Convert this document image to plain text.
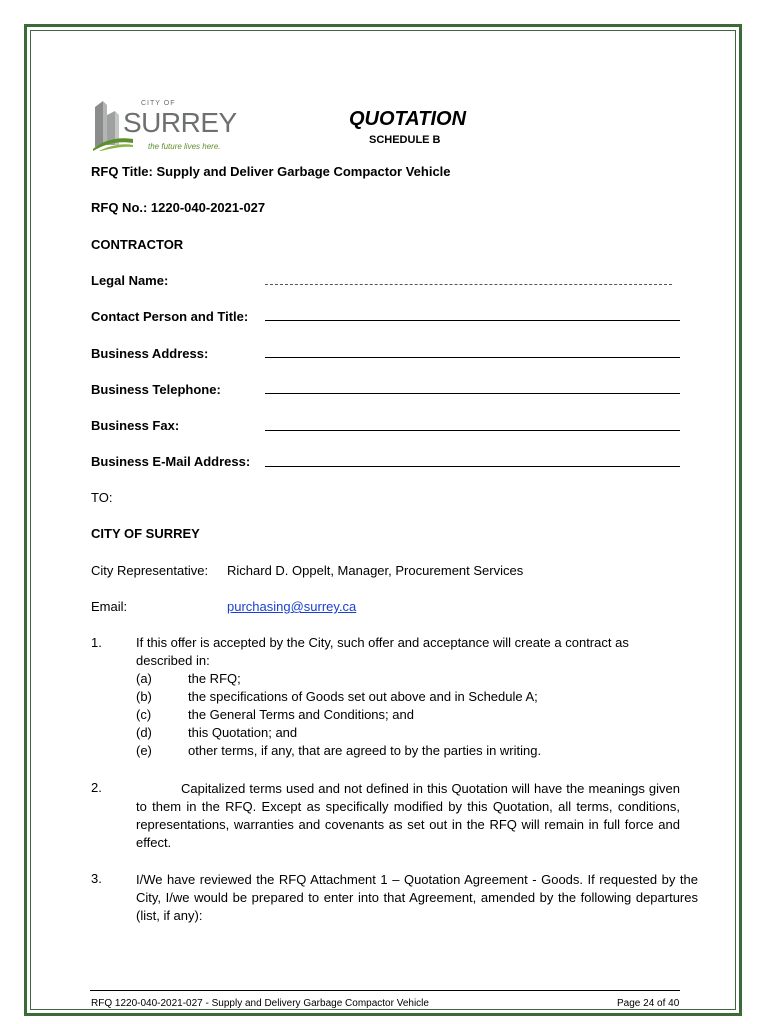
CITY OF
SURREY
the future lives here.
QUOTATION
SCHEDULE B
RFQ Title: Supply and Deliver Garbage Compactor Vehicle
RFQ No.: 1220-040-2021-027
CONTRACTOR
Legal Name:
Contact Person and Title:
Business Address:
Business Telephone:
Business Fax:
Business E-Mail Address:
TO:
CITY OF SURREY
City Representative: Richard D. Oppelt, Manager, Procurement Services
Email:	purchasing@surrey.ca
1.	If this offer is accepted by the City, such offer and acceptance will create a contract as
described in:
(a)	the RFQ;
(b)	the specifications of Goods set out above and in Schedule A;
(c)	the General Terms and Conditions; and
(d)	this Quotation; and
(e)	other terms, if any, that are agreed to by the parties in writing.
2.	Capitalized terms used and not defined in this Quotation will have the meanings given to them in the RFQ. Except as specifically modified by this Quotation, all terms, conditions, representations, warranties and covenants as set out in the RFQ will remain in full force and effect.
3.	I/We have reviewed the RFQ Attachment 1 – Quotation Agreement - Goods. If requested by the City, I/we would be prepared to enter into that Agreement, amended by the following departures (list, if any):
RFQ 1220-040-2021-027 - Supply and Delivery Garbage Compactor Vehicle	Page 24 of 40
